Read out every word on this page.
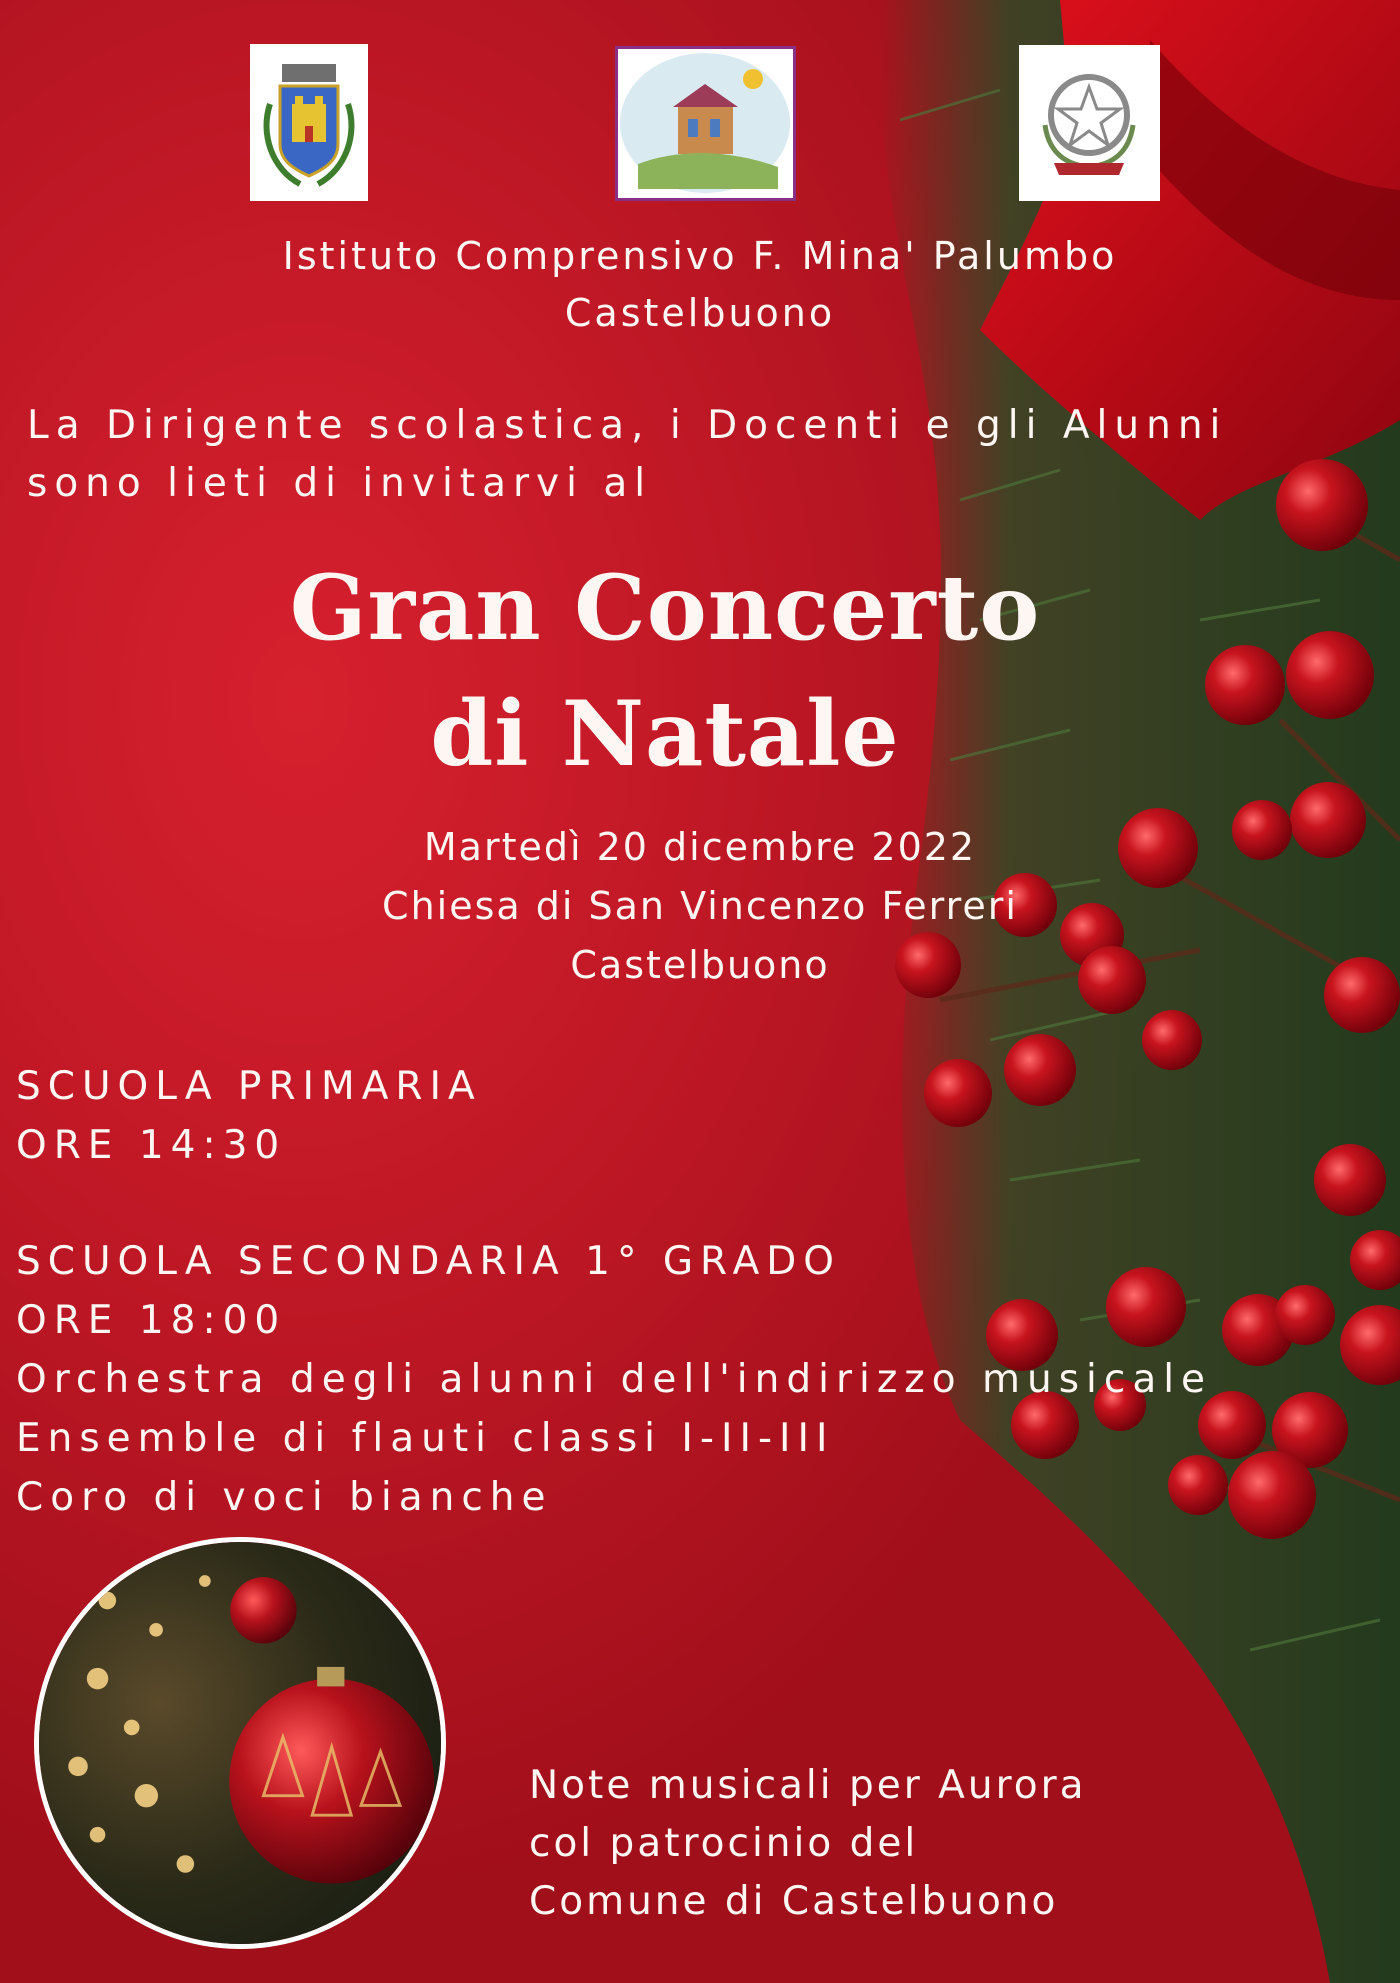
Istituto Comprensivo F. Mina' Palumbo
Castelbuono
La Dirigente scolastica, i Docenti e gli Alunni
sono lieti di invitarvi al
Gran Concerto
di Natale
Martedì 20 dicembre 2022
Chiesa di San Vincenzo Ferreri
Castelbuono
SCUOLA PRIMARIA
ORE 14:30
SCUOLA SECONDARIA 1° GRADO
ORE 18:00
Orchestra degli alunni dell'indirizzo musicale
Ensemble di flauti classi I-II-III
Coro di voci bianche
Note musicali per Aurora
col patrocinio del
Comune di Castelbuono
